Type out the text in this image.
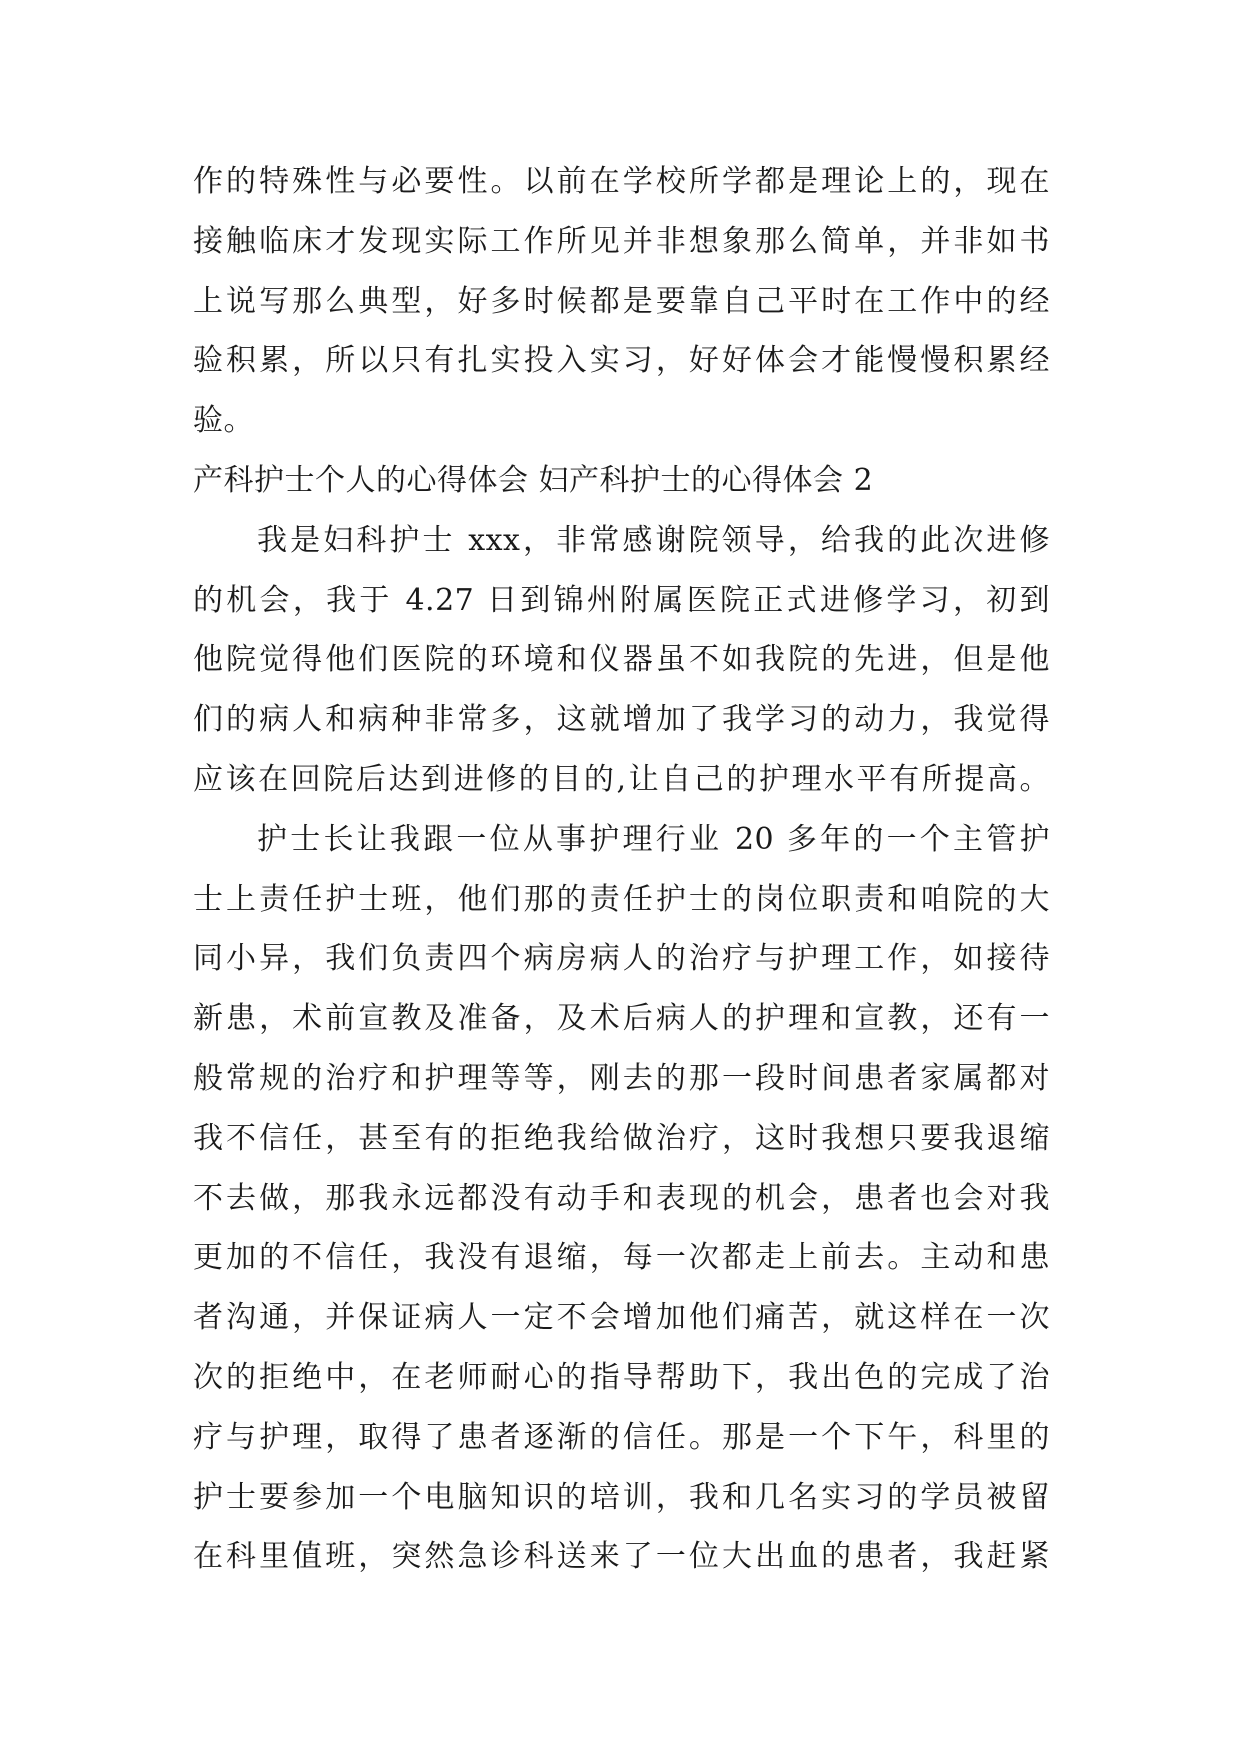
作的特殊性与必要性。以前在学校所学都是理论上的，现在
接触临床才发现实际工作所见并非想象那么简单，并非如书
上说写那么典型，好多时候都是要靠自己平时在工作中的经
验积累，所以只有扎实投入实习，好好体会才能慢慢积累经
验。
产科护士个人的心得体会 妇产科护士的心得体会 2
我是妇科护士 xxx，非常感谢院领导，给我的此次进修
的机会，我于 4.27 日到锦州附属医院正式进修学习，初到
他院觉得他们医院的环境和仪器虽不如我院的先进，但是他
们的病人和病种非常多，这就增加了我学习的动力，我觉得
应该在回院后达到进修的目的,让自己的护理水平有所提高。
护士长让我跟一位从事护理行业 20 多年的一个主管护
士上责任护士班，他们那的责任护士的岗位职责和咱院的大
同小异，我们负责四个病房病人的治疗与护理工作，如接待
新患，术前宣教及准备，及术后病人的护理和宣教，还有一
般常规的治疗和护理等等，刚去的那一段时间患者家属都对
我不信任，甚至有的拒绝我给做治疗，这时我想只要我退缩
不去做，那我永远都没有动手和表现的机会，患者也会对我
更加的不信任，我没有退缩，每一次都走上前去。主动和患
者沟通，并保证病人一定不会增加他们痛苦，就这样在一次
次的拒绝中，在老师耐心的指导帮助下，我出色的完成了治
疗与护理，取得了患者逐渐的信任。那是一个下午，科里的
护士要参加一个电脑知识的培训，我和几名实习的学员被留
在科里值班，突然急诊科送来了一位大出血的患者，我赶紧
